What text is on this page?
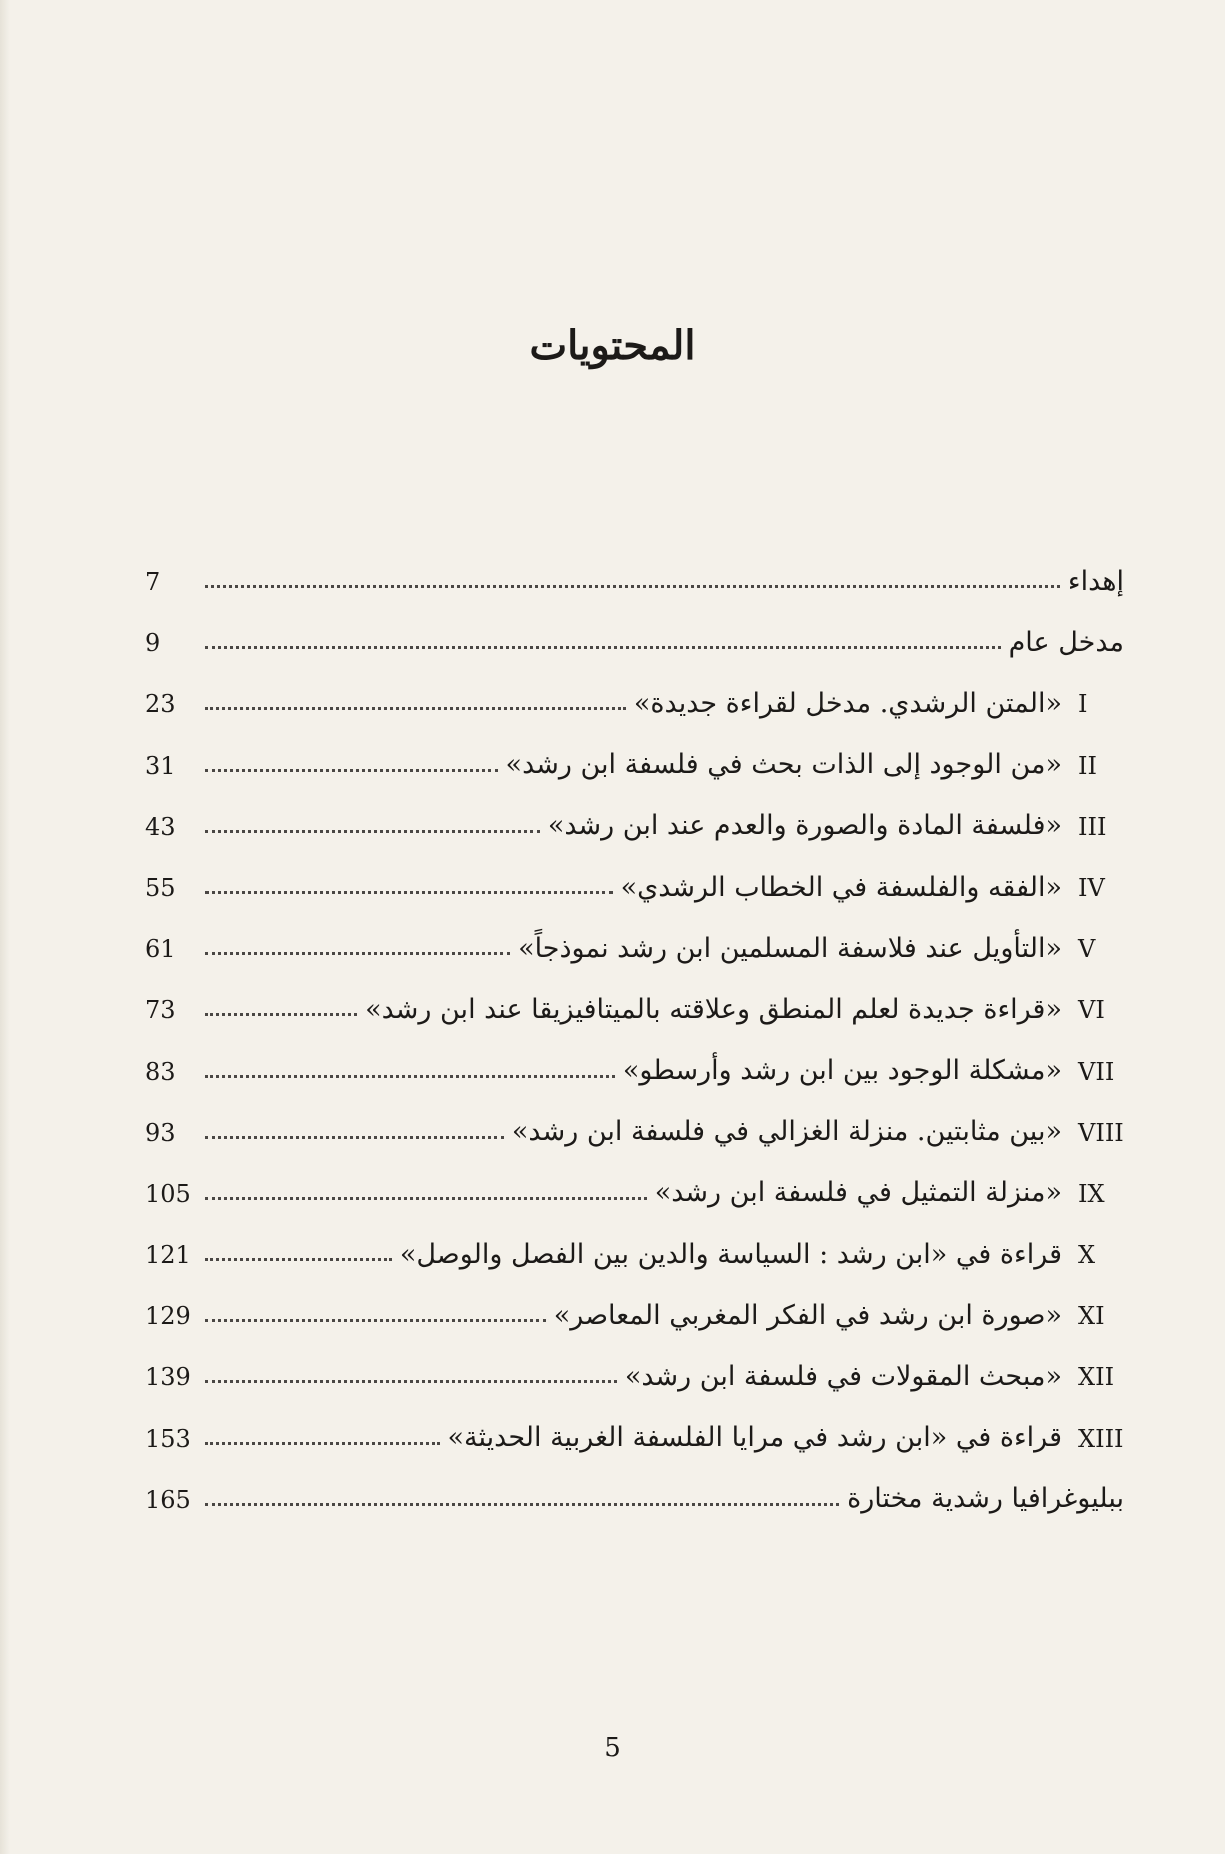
المحتويات
إهداء
7
مدخل عام
9
I
«المتن الرشدي. مدخل لقراءة جديدة»
23
II
«من الوجود إلى الذات بحث في فلسفة ابن رشد»
31
III
«فلسفة المادة والصورة والعدم عند ابن رشد»
43
IV
«الفقه والفلسفة في الخطاب الرشدي»
55
V
«التأويل عند فلاسفة المسلمين ابن رشد نموذجاً»
61
VI
«قراءة جديدة لعلم المنطق وعلاقته بالميتافيزيقا عند ابن رشد»
73
VII
«مشكلة الوجود بين ابن رشد وأرسطو»
83
VIII
«بين مثابتين. منزلة الغزالي في فلسفة ابن رشد»
93
IX
«منزلة التمثيل في فلسفة ابن رشد»
105
X
قراءة في «ابن رشد : السياسة والدين بين الفصل والوصل»
121
XI
«صورة ابن رشد في الفكر المغربي المعاصر»
129
XII
«مبحث المقولات في فلسفة ابن رشد»
139
XIII
قراءة في «ابن رشد في مرايا الفلسفة الغربية الحديثة»
153
ببليوغرافيا رشدية مختارة
165
5
